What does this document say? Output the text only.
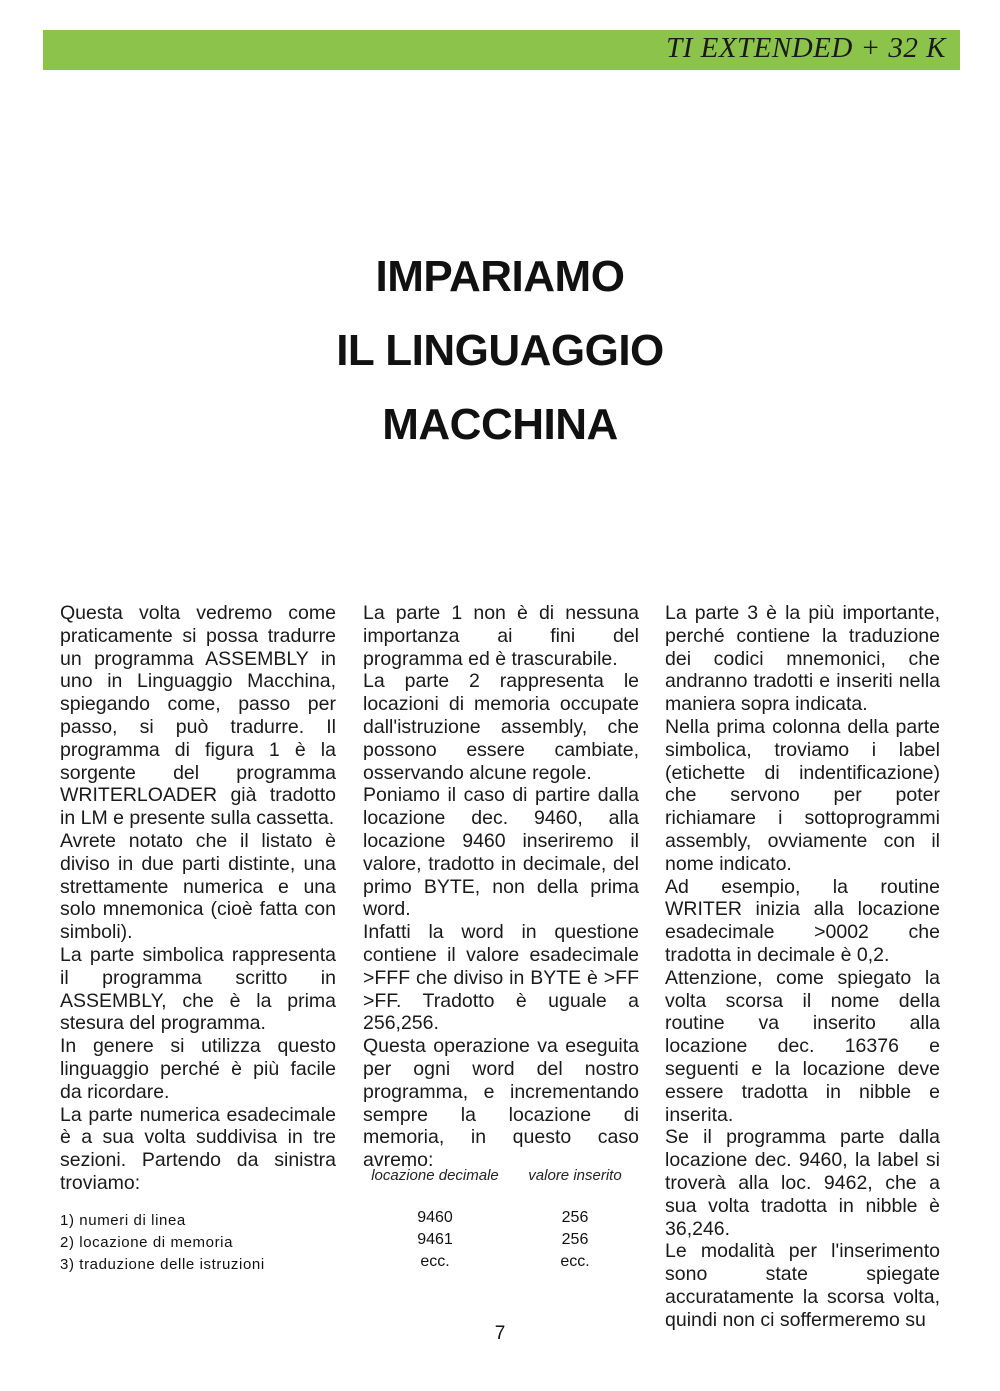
TI EXTENDED + 32 K
IMPARIAMO
IL LINGUAGGIO
MACCHINA

Questa volta vedremo come praticamente si possa tradurre un programma ASSEMBLY in uno in Linguaggio Macchina, spiegando come, passo per passo, si può tradurre. Il programma di figura 1 è la sorgente del programma WRITERLOADER già tradotto in LM e presente sulla cassetta.

Avrete notato che il listato è diviso in due parti distinte, una strettamente numerica e una solo mnemonica (cioè fatta con simboli).

La parte simbolica rappresenta il programma scritto in ASSEMBLY, che è la prima stesura del programma.

In genere si utilizza questo linguaggio perché è più facile da ricordare.

La parte numerica esadecimale è a sua volta suddivisa in tre sezioni. Partendo da sinistra troviamo:

1) numeri di linea
2) locazione di memoria
3) traduzione delle istruzioni

La parte 1 non è di nessuna importanza ai fini del programma ed è trascurabile.

La parte 2 rappresenta le locazioni di memoria occupate dall'istruzione assembly, che possono essere cambiate, osservando alcune regole.

Poniamo il caso di partire dalla locazione dec. 9460, alla locazione 9460 inseriremo il valore, tradotto in decimale, del primo BYTE, non della prima word.

Infatti la word in questione contiene il valore esadecimale >FFF che diviso in BYTE è >FF >FF. Tradotto è uguale a 256,256.

Questa operazione va eseguita per ogni word del nostro programma, e incrementando sempre la locazione di memoria, in questo caso avremo:

locazione decimale	valore inserito
9460	256
9461	256
ecc.	ecc.

La parte 3 è la più importante, perché contiene la traduzione dei codici mnemonici, che andranno tradotti e inseriti nella maniera sopra indicata.

Nella prima colonna della parte simbolica, troviamo i label (etichette di indentificazione) che servono per poter richiamare i sottoprogrammi assembly, ovviamente con il nome indicato.

Ad esempio, la routine WRITER inizia alla locazione esadecimale >0002 che tradotta in decimale è 0,2.

Attenzione, come spiegato la volta scorsa il nome della routine va inserito alla locazione dec. 16376 e seguenti e la locazione deve essere tradotta in nibble e inserita.

Se il programma parte dalla locazione dec. 9460, la label si troverà alla loc. 9462, che a sua volta tradotta in nibble è 36,246.

Le modalità per l'inserimento sono state spiegate accuratamente la scorsa volta, quindi non ci soffermeremo su

7
